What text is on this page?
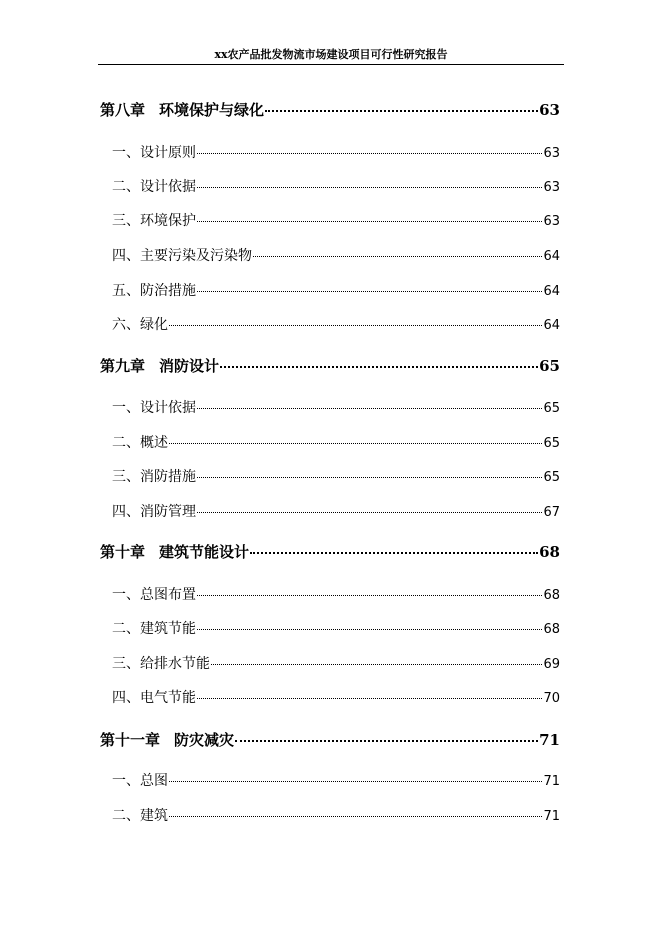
xx农产品批发物流市场建设项目可行性研究报告
第八章 环境保护与绿化	63
一、设计原则	63
二、设计依据	63
三、环境保护	63
四、主要污染及污染物	64
五、防治措施	64
六、绿化	64
第九章 消防设计	65
一、设计依据	65
二、概述	65
三、消防措施	65
四、消防管理	67
第十章 建筑节能设计	68
一、总图布置	68
二、建筑节能	68
三、给排水节能	69
四、电气节能	70
第十一章 防灾减灾	71
一、总图	71
二、建筑	71
